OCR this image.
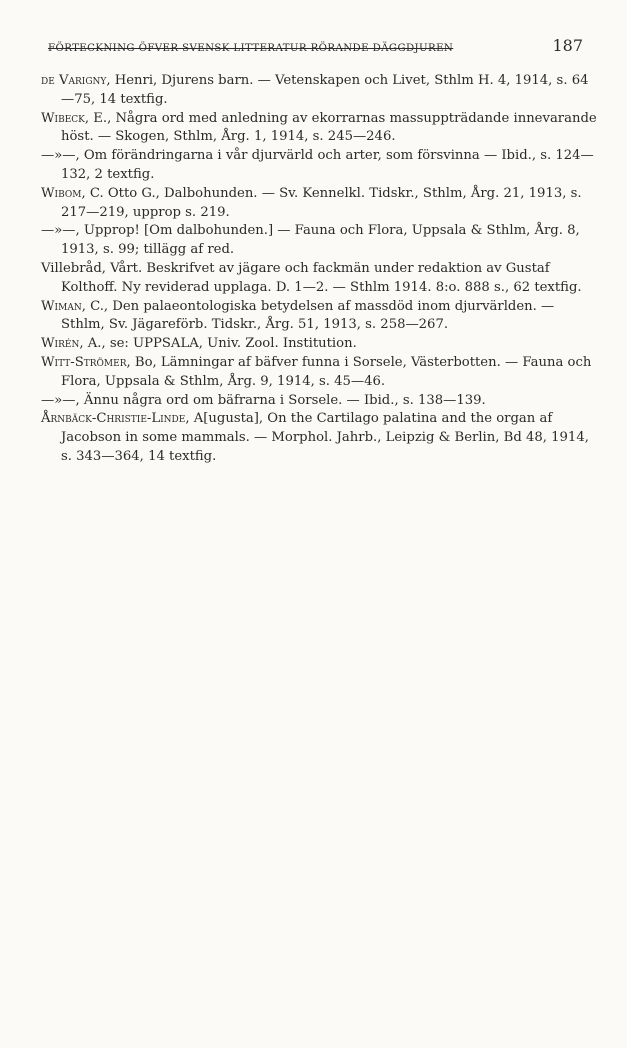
FÖRTECKNING ÖFVER SVENSK LITTERATUR RÖRANDE DÄGGDJUREN	187

de Varigny, Henri, Djurens barn. — Vetenskapen och Livet, Sthlm H. 4, 1914, s. 64—75, 14 textfig.

Wibeck, E., Några ord med anledning av ekorrarnas massuppträdande innevarande höst. — Skogen, Sthlm, Årg. 1, 1914, s. 245—246.

—»—, Om förändringarna i vår djurvärld och arter, som försvinna — Ibid., s. 124—132, 2 textfig.

Wibom, C. Otto G., Dalbohunden. — Sv. Kennelkl. Tidskr., Sthlm, Årg. 21, 1913, s. 217—219, upprop s. 219.

—»—, Upprop! [Om dalbohunden.] — Fauna och Flora, Uppsala & Sthlm, Årg. 8, 1913, s. 99; tillägg af red.

Villebråd, Vårt. Beskrifvet av jägare och fackmän under redaktion av Gustaf Kolthoff. Ny reviderad upplaga. D. 1—2. — Sthlm 1914. 8:o. 888 s., 62 textfig.

Wiman, C., Den palaeontologiska betydelsen af massdöd inom djurvärlden. — Sthlm, Sv. Jägareförb. Tidskr., Årg. 51, 1913, s. 258—267.

Wirén, A., se: UPPSALA, Univ. Zool. Institution.

Witt-Strömer, Bo, Lämningar af bäfver funna i Sorsele, Västerbotten. — Fauna och Flora, Uppsala & Sthlm, Årg. 9, 1914, s. 45—46.

—»—, Ännu några ord om bäfrarna i Sorsele. — Ibid., s. 138—139.

Årnbäck-Christie-Linde, A[ugusta], On the Cartilago palatina and the organ af Jacobson in some mammals. — Morphol. Jahrb., Leipzig & Berlin, Bd 48, 1914, s. 343—364, 14 textfig.
